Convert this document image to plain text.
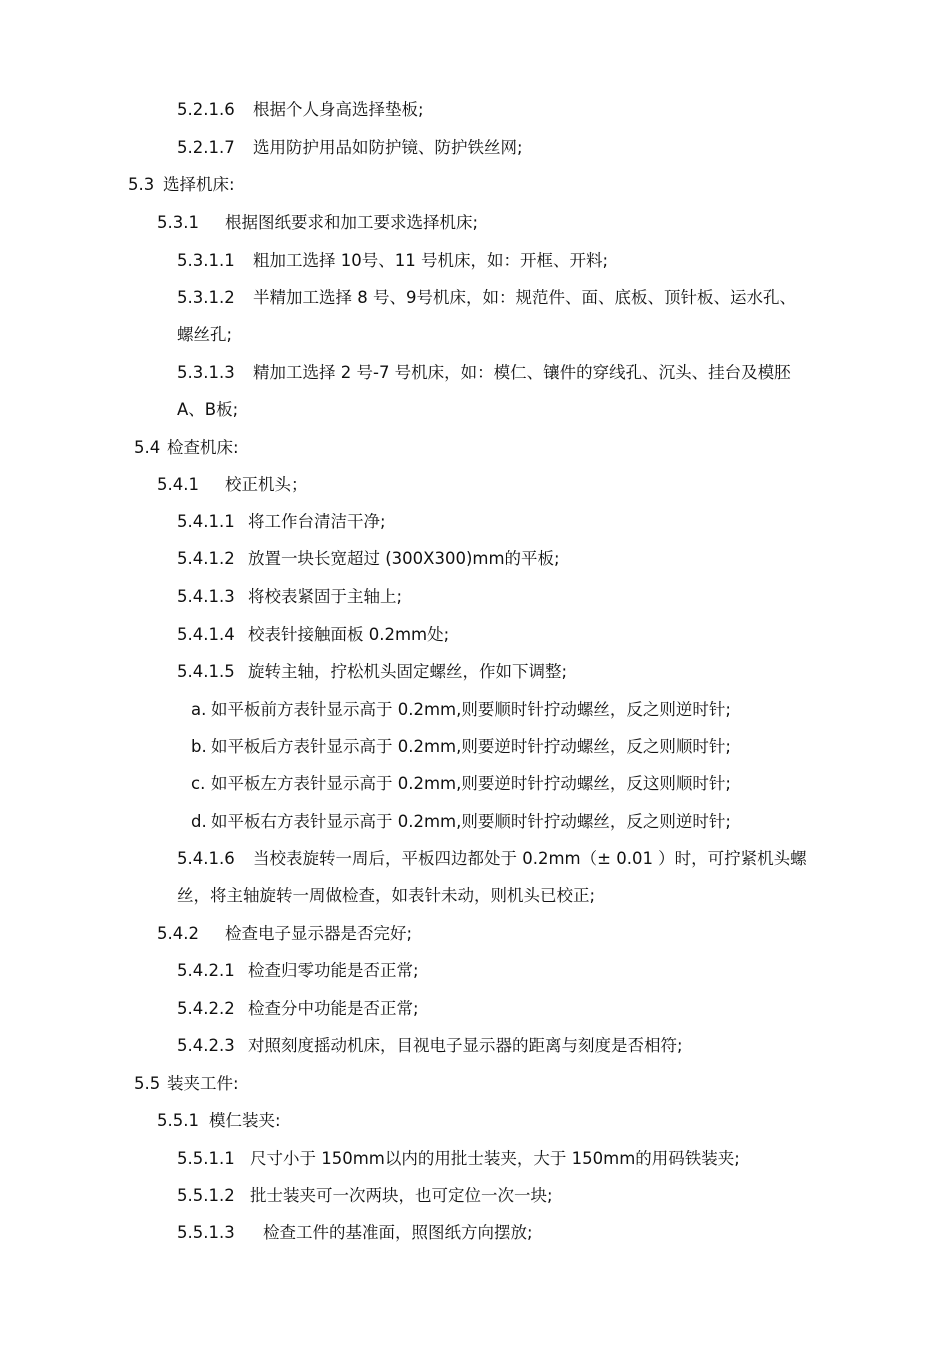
5.2.1.6 根据个人身高选择垫板;
5.2.1.7 选用防护用品如防护镜、防护铁丝网;
5.3 选择机床:
5.3.1 根据图纸要求和加工要求选择机床;
5.3.1.1 粗加工选择 10号、11 号机床，如：开框、开料;
5.3.1.2 半精加工选择 8 号、9号机床，如：规范件、面、底板、顶针板、运水孔、
螺丝孔;
5.3.1.3 精加工选择 2 号-7 号机床，如：模仁、镶件的穿线孔、沉头、挂台及模胚
A、B板;
5.4 检查机床:
5.4.1 校正机头；
5.4.1.1 将工作台清洁干净;
5.4.1.2 放置一块长宽超过 (300X300)mm的平板;
5.4.1.3 将校表紧固于主轴上;
5.4.1.4 校表针接触面板 0.2mm处;
5.4.1.5 旋转主轴，拧松机头固定螺丝，作如下调整;
a. 如平板前方表针显示高于 0.2mm,则要顺时针拧动螺丝，反之则逆时针;
b. 如平板后方表针显示高于 0.2mm,则要逆时针拧动螺丝，反之则顺时针;
c. 如平板左方表针显示高于 0.2mm,则要逆时针拧动螺丝，反这则顺时针;
d. 如平板右方表针显示高于 0.2mm,则要顺时针拧动螺丝，反之则逆时针;
5.4.1.6 当校表旋转一周后，平板四边都处于 0.2mm（± 0.01 ）时，可拧紧机头螺
丝，将主轴旋转一周做检查，如表针未动，则机头已校正;
5.4.2 检查电子显示器是否完好;
5.4.2.1 检查归零功能是否正常;
5.4.2.2 检查分中功能是否正常;
5.4.2.3 对照刻度摇动机床，目视电子显示器的距离与刻度是否相符;
5.5 装夹工件:
5.5.1 模仁装夹:
5.5.1.1 尺寸小于 150mm以内的用批士装夹，大于 150mm的用码铁装夹;
5.5.1.2 批士装夹可一次两块，也可定位一次一块;
5.5.1.3 检查工件的基准面，照图纸方向摆放;
